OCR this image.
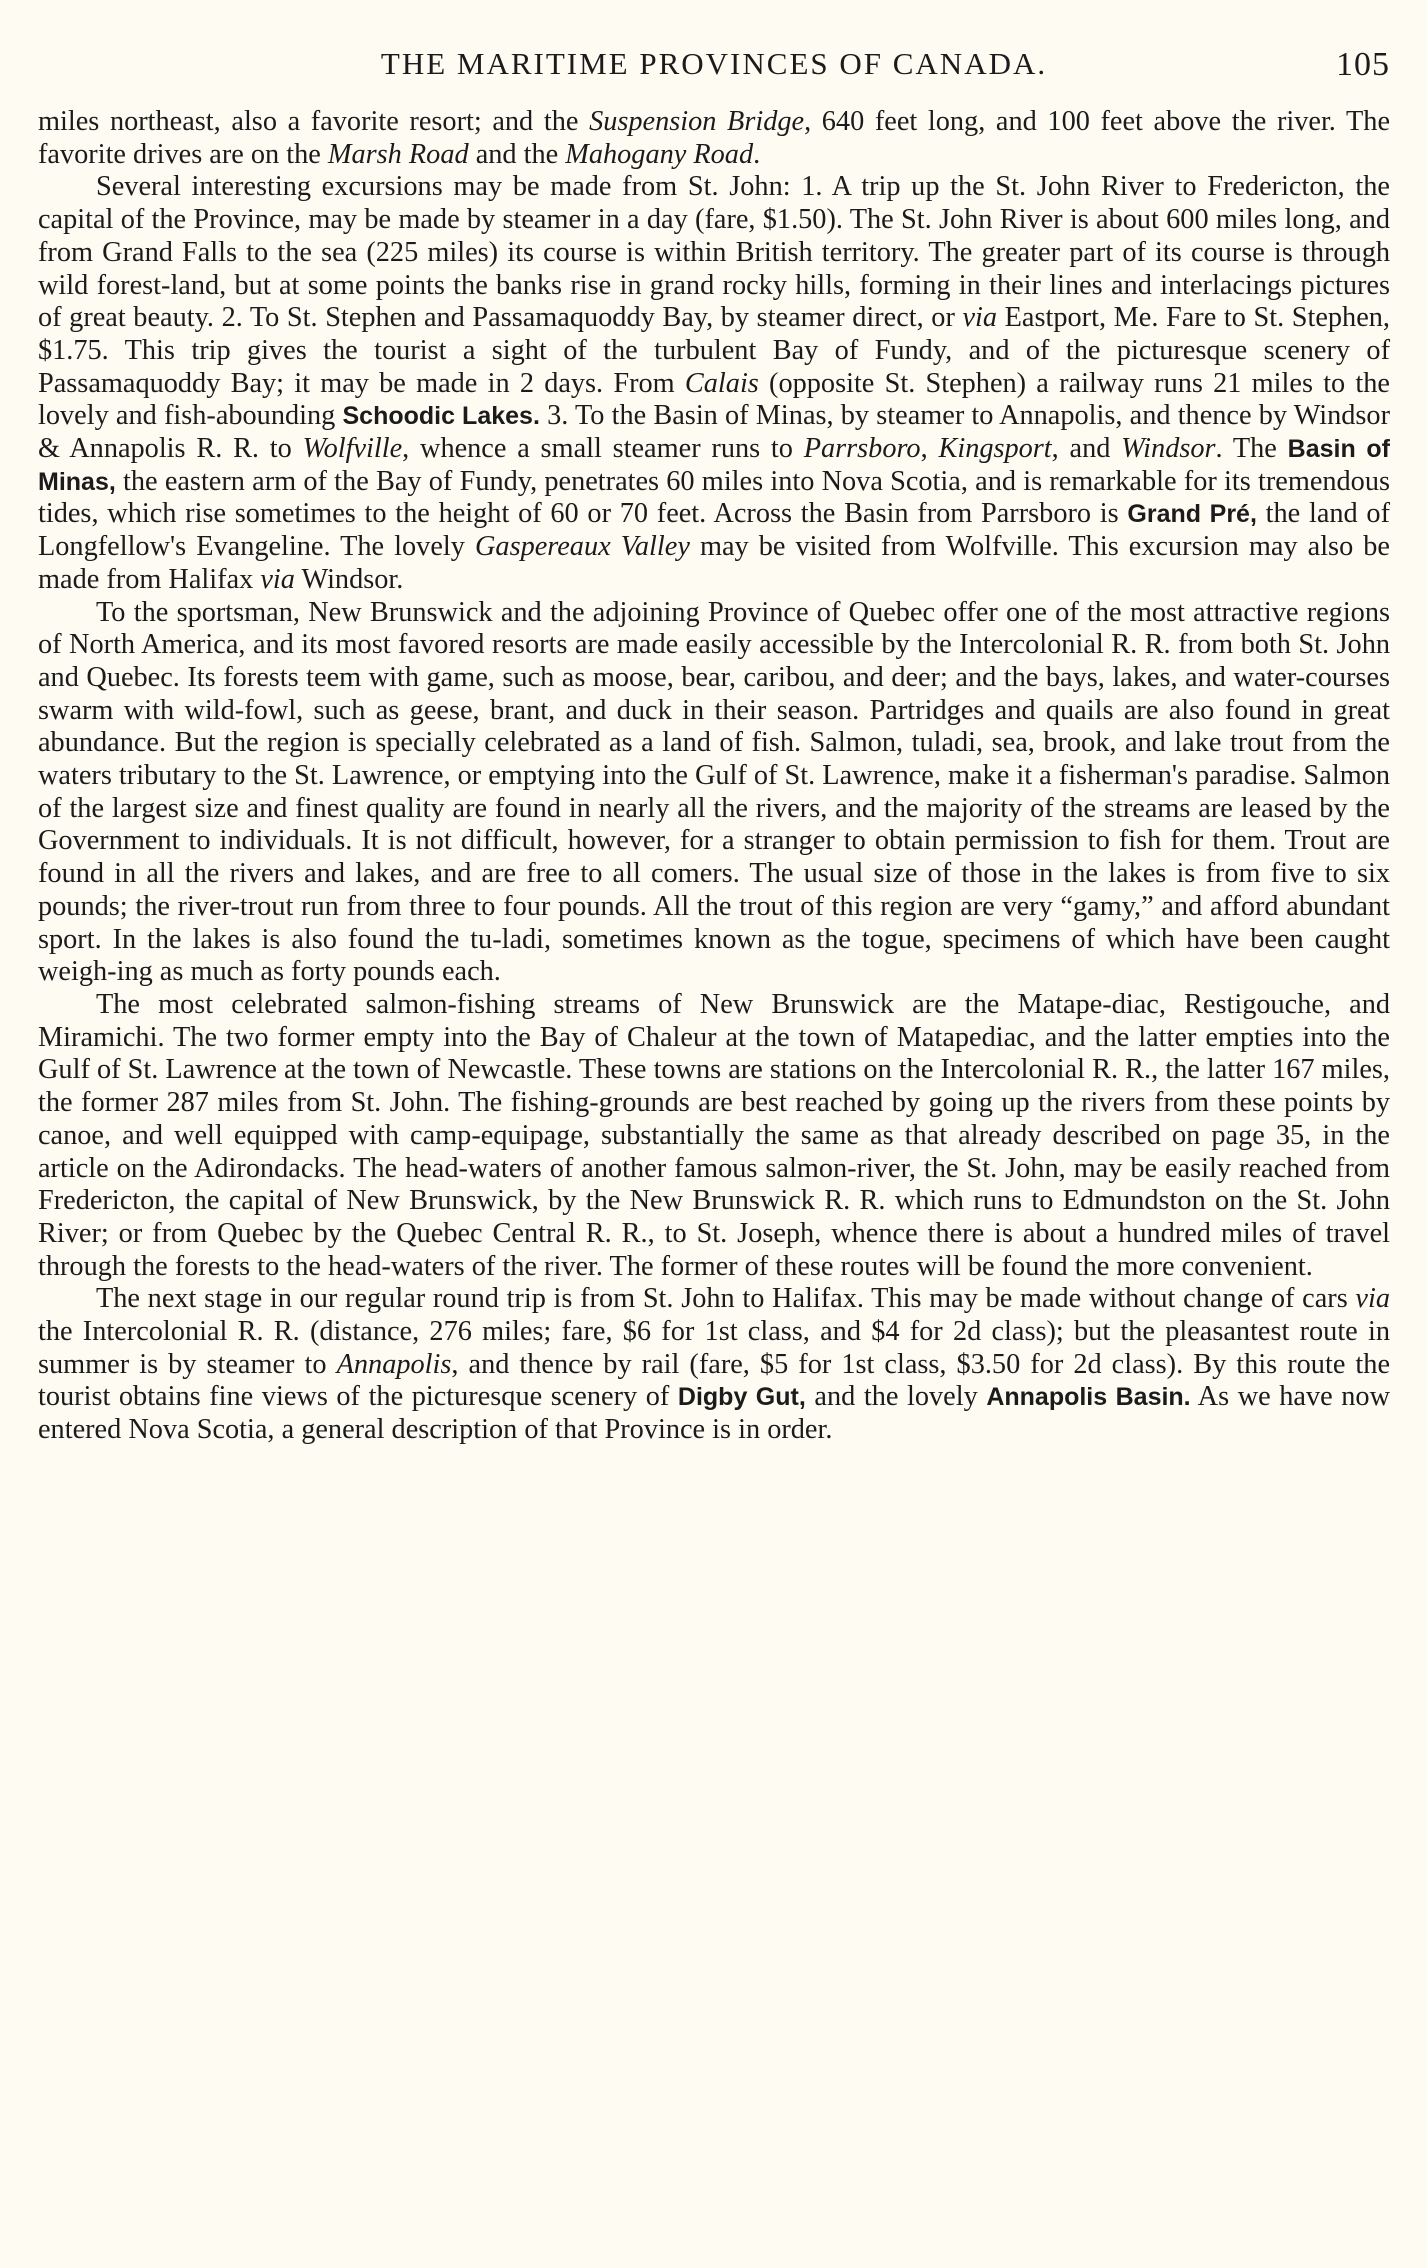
THE MARITIME PROVINCES OF CANADA.	105

miles northeast, also a favorite resort; and the Suspension Bridge, 640 feet long, and 100 feet above the river. The favorite drives are on the Marsh Road and the Mahogany Road.

Several interesting excursions may be made from St. John: 1. A trip up the St. John River to Fredericton, the capital of the Province, may be made by steamer in a day (fare, $1.50). The St. John River is about 600 miles long, and from Grand Falls to the sea (225 miles) its course is within British territory. The greater part of its course is through wild forest-land, but at some points the banks rise in grand rocky hills, forming in their lines and interlacings pictures of great beauty. 2. To St. Stephen and Passamaquoddy Bay, by steamer direct, or via Eastport, Me. Fare to St. Stephen, $1.75. This trip gives the tourist a sight of the turbulent Bay of Fundy, and of the picturesque scenery of Passamaquoddy Bay; it may be made in 2 days. From Calais (opposite St. Stephen) a railway runs 21 miles to the lovely and fish-abounding Schoodic Lakes. 3. To the Basin of Minas, by steamer to Annapolis, and thence by Windsor & Annapolis R. R. to Wolfville, whence a small steamer runs to Parrsboro, Kingsport, and Windsor. The Basin of Minas, the eastern arm of the Bay of Fundy, penetrates 60 miles into Nova Scotia, and is remarkable for its tremendous tides, which rise sometimes to the height of 60 or 70 feet. Across the Basin from Parrsboro is Grand Pré, the land of Longfellow's Evangeline. The lovely Gaspereaux Valley may be visited from Wolfville. This excursion may also be made from Halifax via Windsor.

To the sportsman, New Brunswick and the adjoining Province of Quebec offer one of the most attractive regions of North America, and its most favored resorts are made easily accessible by the Intercolonial R. R. from both St. John and Quebec. Its forests teem with game, such as moose, bear, caribou, and deer; and the bays, lakes, and water-courses swarm with wild-fowl, such as geese, brant, and duck in their season. Partridges and quails are also found in great abundance. But the region is specially celebrated as a land of fish. Salmon, tuladi, sea, brook, and lake trout from the waters tributary to the St. Lawrence, or emptying into the Gulf of St. Lawrence, make it a fisherman's paradise. Salmon of the largest size and finest quality are found in nearly all the rivers, and the majority of the streams are leased by the Government to individuals. It is not difficult, however, for a stranger to obtain permission to fish for them. Trout are found in all the rivers and lakes, and are free to all comers. The usual size of those in the lakes is from five to six pounds; the river-trout run from three to four pounds. All the trout of this region are very “gamy,” and afford abundant sport. In the lakes is also found the tu-ladi, sometimes known as the togue, specimens of which have been caught weigh-ing as much as forty pounds each.

The most celebrated salmon-fishing streams of New Brunswick are the Matape-diac, Restigouche, and Miramichi. The two former empty into the Bay of Chaleur at the town of Matapediac, and the latter empties into the Gulf of St. Lawrence at the town of Newcastle. These towns are stations on the Intercolonial R. R., the latter 167 miles, the former 287 miles from St. John. The fishing-grounds are best reached by going up the rivers from these points by canoe, and well equipped with camp-equipage, substantially the same as that already described on page 35, in the article on the Adirondacks. The head-waters of another famous salmon-river, the St. John, may be easily reached from Fredericton, the capital of New Brunswick, by the New Brunswick R. R. which runs to Edmundston on the St. John River; or from Quebec by the Quebec Central R. R., to St. Joseph, whence there is about a hundred miles of travel through the forests to the head-waters of the river. The former of these routes will be found the more convenient.

The next stage in our regular round trip is from St. John to Halifax. This may be made without change of cars via the Intercolonial R. R. (distance, 276 miles; fare, $6 for 1st class, and $4 for 2d class); but the pleasantest route in summer is by steamer to Annapolis, and thence by rail (fare, $5 for 1st class, $3.50 for 2d class). By this route the tourist obtains fine views of the picturesque scenery of Digby Gut, and the lovely Annapolis Basin. As we have now entered Nova Scotia, a general description of that Province is in order.
